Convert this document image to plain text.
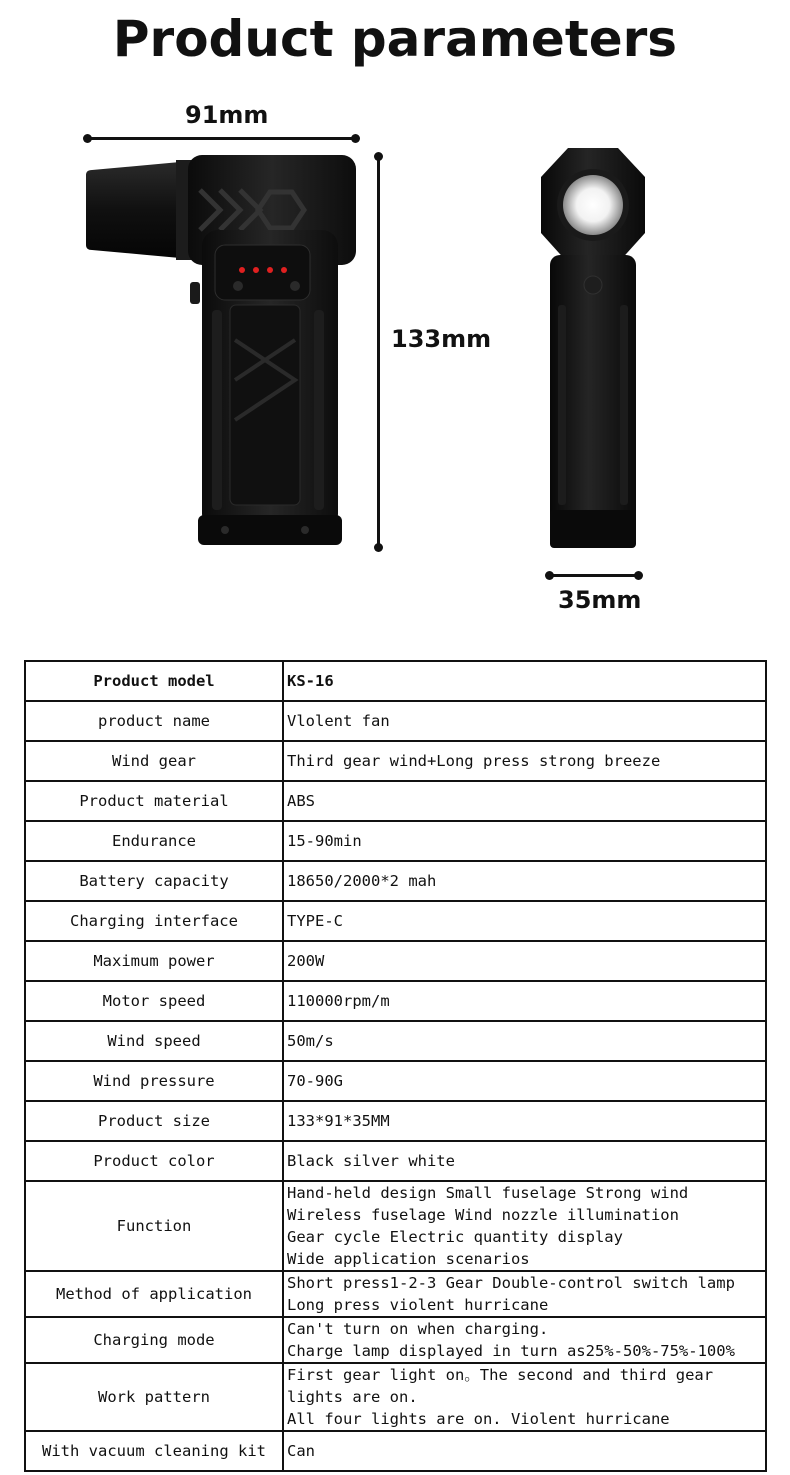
Product parameters
91mm
133mm
35mm
Product model	KS-16

product name	Vlolent fan

Wind gear	Third gear wind+Long press strong breeze

Product material	ABS

Endurance	15-90min

Battery capacity	18650/2000*2 mah

Charging interface	TYPE-C

Maximum power	200W

Motor speed	110000rpm/m

Wind speed	50m/s

Wind pressure	70-90G

Product size	133*91*35MM

Product color	Black silver white

Function	Hand-held design Small fuselage Strong wind
Wireless fuselage Wind nozzle illumination
Gear cycle Electric quantity display
Wide application scenarios

Method of application	Short press1-2-3 Gear Double-control switch lamp
Long press violent hurricane

Charging mode	Can't turn on when charging.
Charge lamp displayed in turn as25%-50%-75%-100%

Work pattern	First gear light on。The second and third gear
lights are on.
All four lights are on. Violent hurricane

With vacuum cleaning kit	Can
